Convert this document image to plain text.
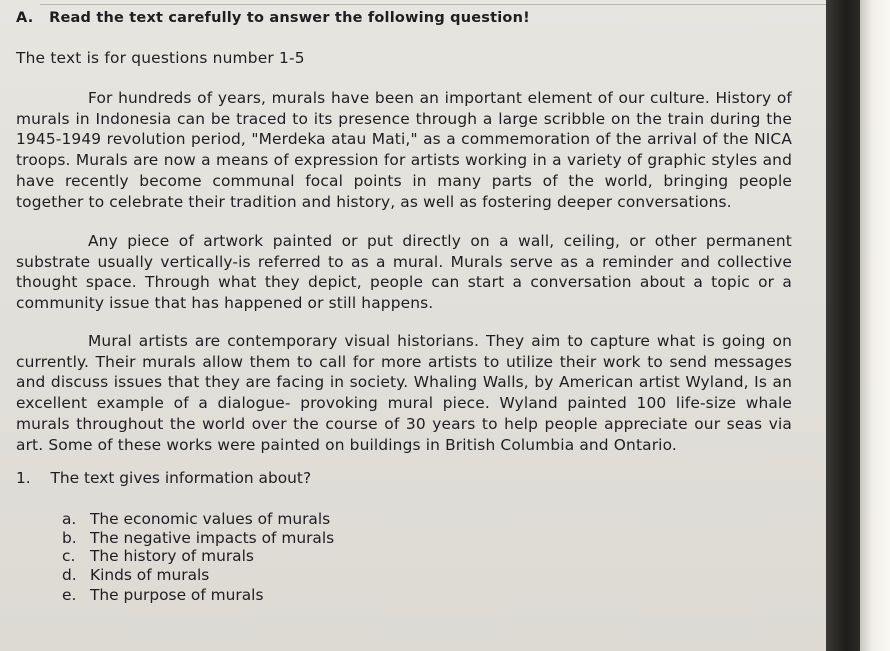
A.   Read the text carefully to answer the following question!
The text is for questions number 1-5
For hundreds of years, murals have been an important element of our culture. History of murals in Indonesia can be traced to its presence through a large scribble on the train during the 1945-1949 revolution period, "Merdeka atau Mati," as a commemoration of the arrival of the NICA troops. Murals are now a means of expression for artists working in a variety of graphic styles and have recently become communal focal points in many parts of the world, bringing people together to celebrate their tradition and history, as well as fostering deeper conversations.
Any piece of artwork painted or put directly on a wall, ceiling, or other permanent substrate usually vertically-is referred to as a mural. Murals serve as a reminder and collective thought space. Through what they depict, people can start a conversation about a topic or a community issue that has happened or still happens.
Mural artists are contemporary visual historians. They aim to capture what is going on currently. Their murals allow them to call for more artists to utilize their work to send messages and discuss issues that they are facing in society. Whaling Walls, by American artist Wyland, Is an excellent example of a dialogue- provoking mural piece. Wyland painted 100 life-size whale murals throughout the world over the course of 30 years to help people appreciate our seas via art. Some of these works were painted on buildings in British Columbia and Ontario.
1. The text gives information about?
a. The economic values of murals
b. The negative impacts of murals
c. The history of murals
d. Kinds of murals
e. The purpose of murals
